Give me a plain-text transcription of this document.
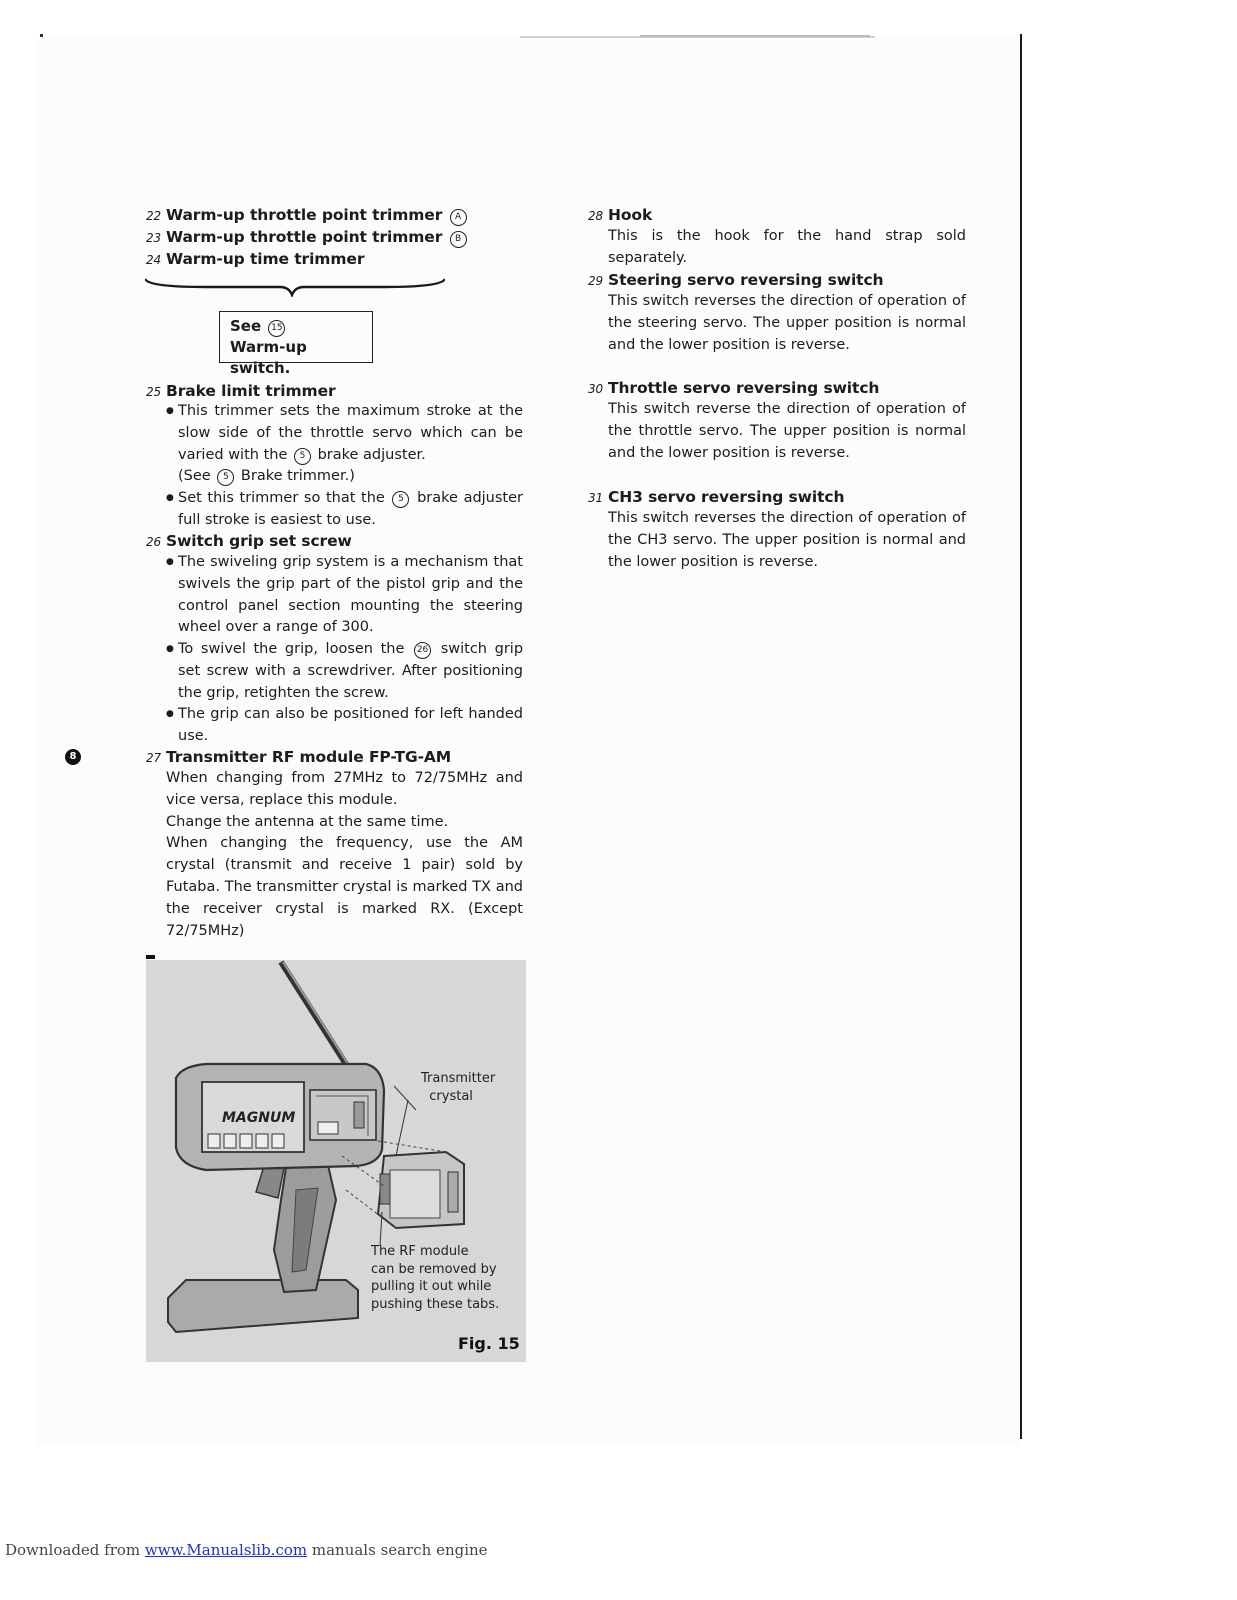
22 Warm-up throttle point trimmer A
23 Warm-up throttle point trimmer B
24 Warm-up time trimmer
See 15
Warm-up switch.
25 Brake limit trimmer
● This trimmer sets the maximum stroke at the slow side of the throttle servo which can be varied with the 5 brake adjuster.
(See 5 Brake trimmer.)
● Set this trimmer so that the 5 brake adjuster full stroke is easiest to use.
26 Switch grip set screw
● The swiveling grip system is a mechanism that swivels the grip part of the pistol grip and the control panel section mounting the steering wheel over a range of 300.
● To swivel the grip, loosen the 26 switch grip set screw with a screwdriver. After positioning the grip, retighten the screw.
● The grip can also be positioned for left handed use.
8	27 Transmitter RF module FP-TG-AM
When changing from 27MHz to 72/75MHz and vice versa, replace this module.
Change the antenna at the same time.
When changing the frequency, use the AM crystal (transmit and receive 1 pair) sold by Futaba. The transmitter crystal is marked TX and the receiver crystal is marked RX. (Except 72/75MHz)
MAGNUM
Transmitter
crystal
The RF module
can be removed by
pulling it out while
pushing these tabs.
Fig. 15
28 Hook
This is the hook for the hand strap sold separately.
29 Steering servo reversing switch
This switch reverses the direction of operation of the steering servo. The upper position is normal and the lower position is reverse.
30 Throttle servo reversing switch
This switch reverse the direction of operation of the throttle servo. The upper position is normal and the lower position is reverse.
31 CH3 servo reversing switch
This switch reverses the direction of operation of the CH3 servo. The upper position is normal and the lower position is reverse.
Downloaded from www.Manualslib.com manuals search engine
